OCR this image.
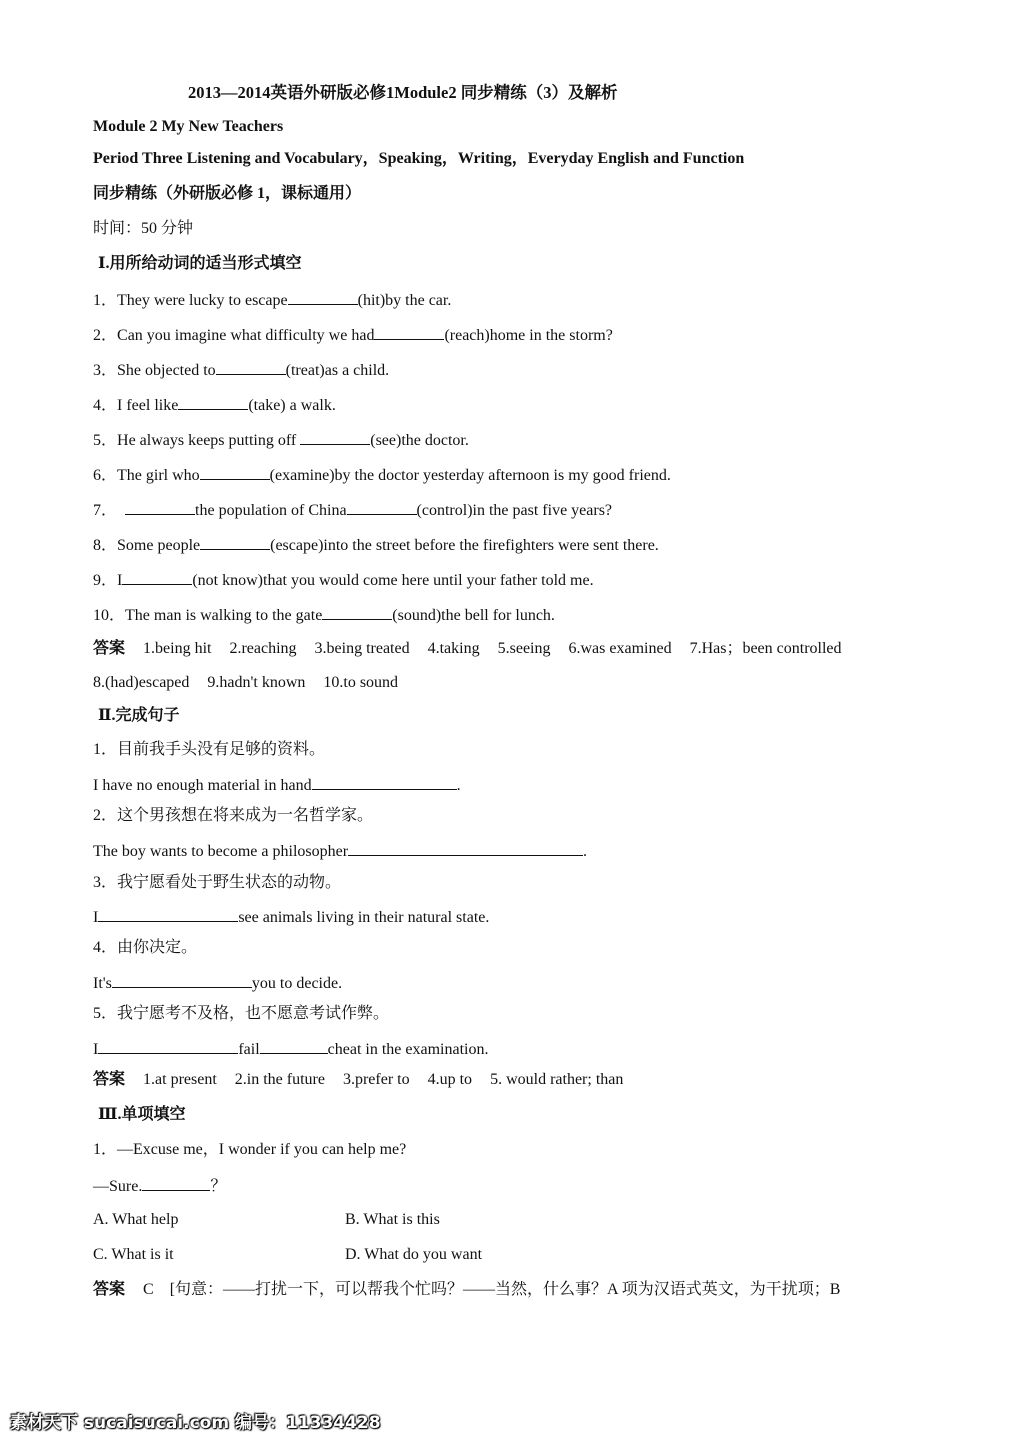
2013—2014英语外研版必修1Module2 同步精练（3）及解析
Module 2 My New Teachers
Period Three Listening and Vocabulary，Speaking，Writing，Everyday English and Function
同步精练（外研版必修 1，课标通用）
时间：50 分钟
Ⅰ.用所给动词的适当形式填空
1．They were lucky to escape	(hit)by the car.
2．Can you imagine what difficulty we had	(reach)home in the storm?
3．She objected to	(treat)as a child.
4．I feel like	(take) a walk.
5．He always keeps putting off	(see)the doctor.
6．The girl who	(examine)by the doctor yesterday afternoon is my good friend.
7．	the population of China	(control)in the past five years?
8．Some people	(escape)into the street before the firefighters were sent there.
9．I	(not know)that you would come here until your father told me.
10．The man is walking to the gate	(sound)the bell for lunch.
答案 1.being hit 2.reaching 3.being treated 4.taking 5.seeing 6.was examined 7.Has；been controlled
8.(had)escaped 9.hadn't known 10.to sound
Ⅱ.完成句子
1．目前我手头没有足够的资料。
I have no enough material in hand	.
2．这个男孩想在将来成为一名哲学家。
The boy wants to become a philosopher	.
3．我宁愿看处于野生状态的动物。
I	see animals living in their natural state.
4．由你决定。
It's	you to decide.
5．我宁愿考不及格，也不愿意考试作弊。
I	fail	cheat in the examination.
答案 1.at present 2.in the future 3.prefer to 4.up to 5. would rather; than
Ⅲ.单项填空
1．—Excuse me，I wonder if you can help me?
—Sure.	？
A. What help	B. What is this
C. What is it	D. What do you want
答案 C　[句意：——打扰一下，可以帮我个忙吗？——当然，什么事？A 项为汉语式英文，为干扰项；B
素材天下 sucaisucai.com 编号：11334428
